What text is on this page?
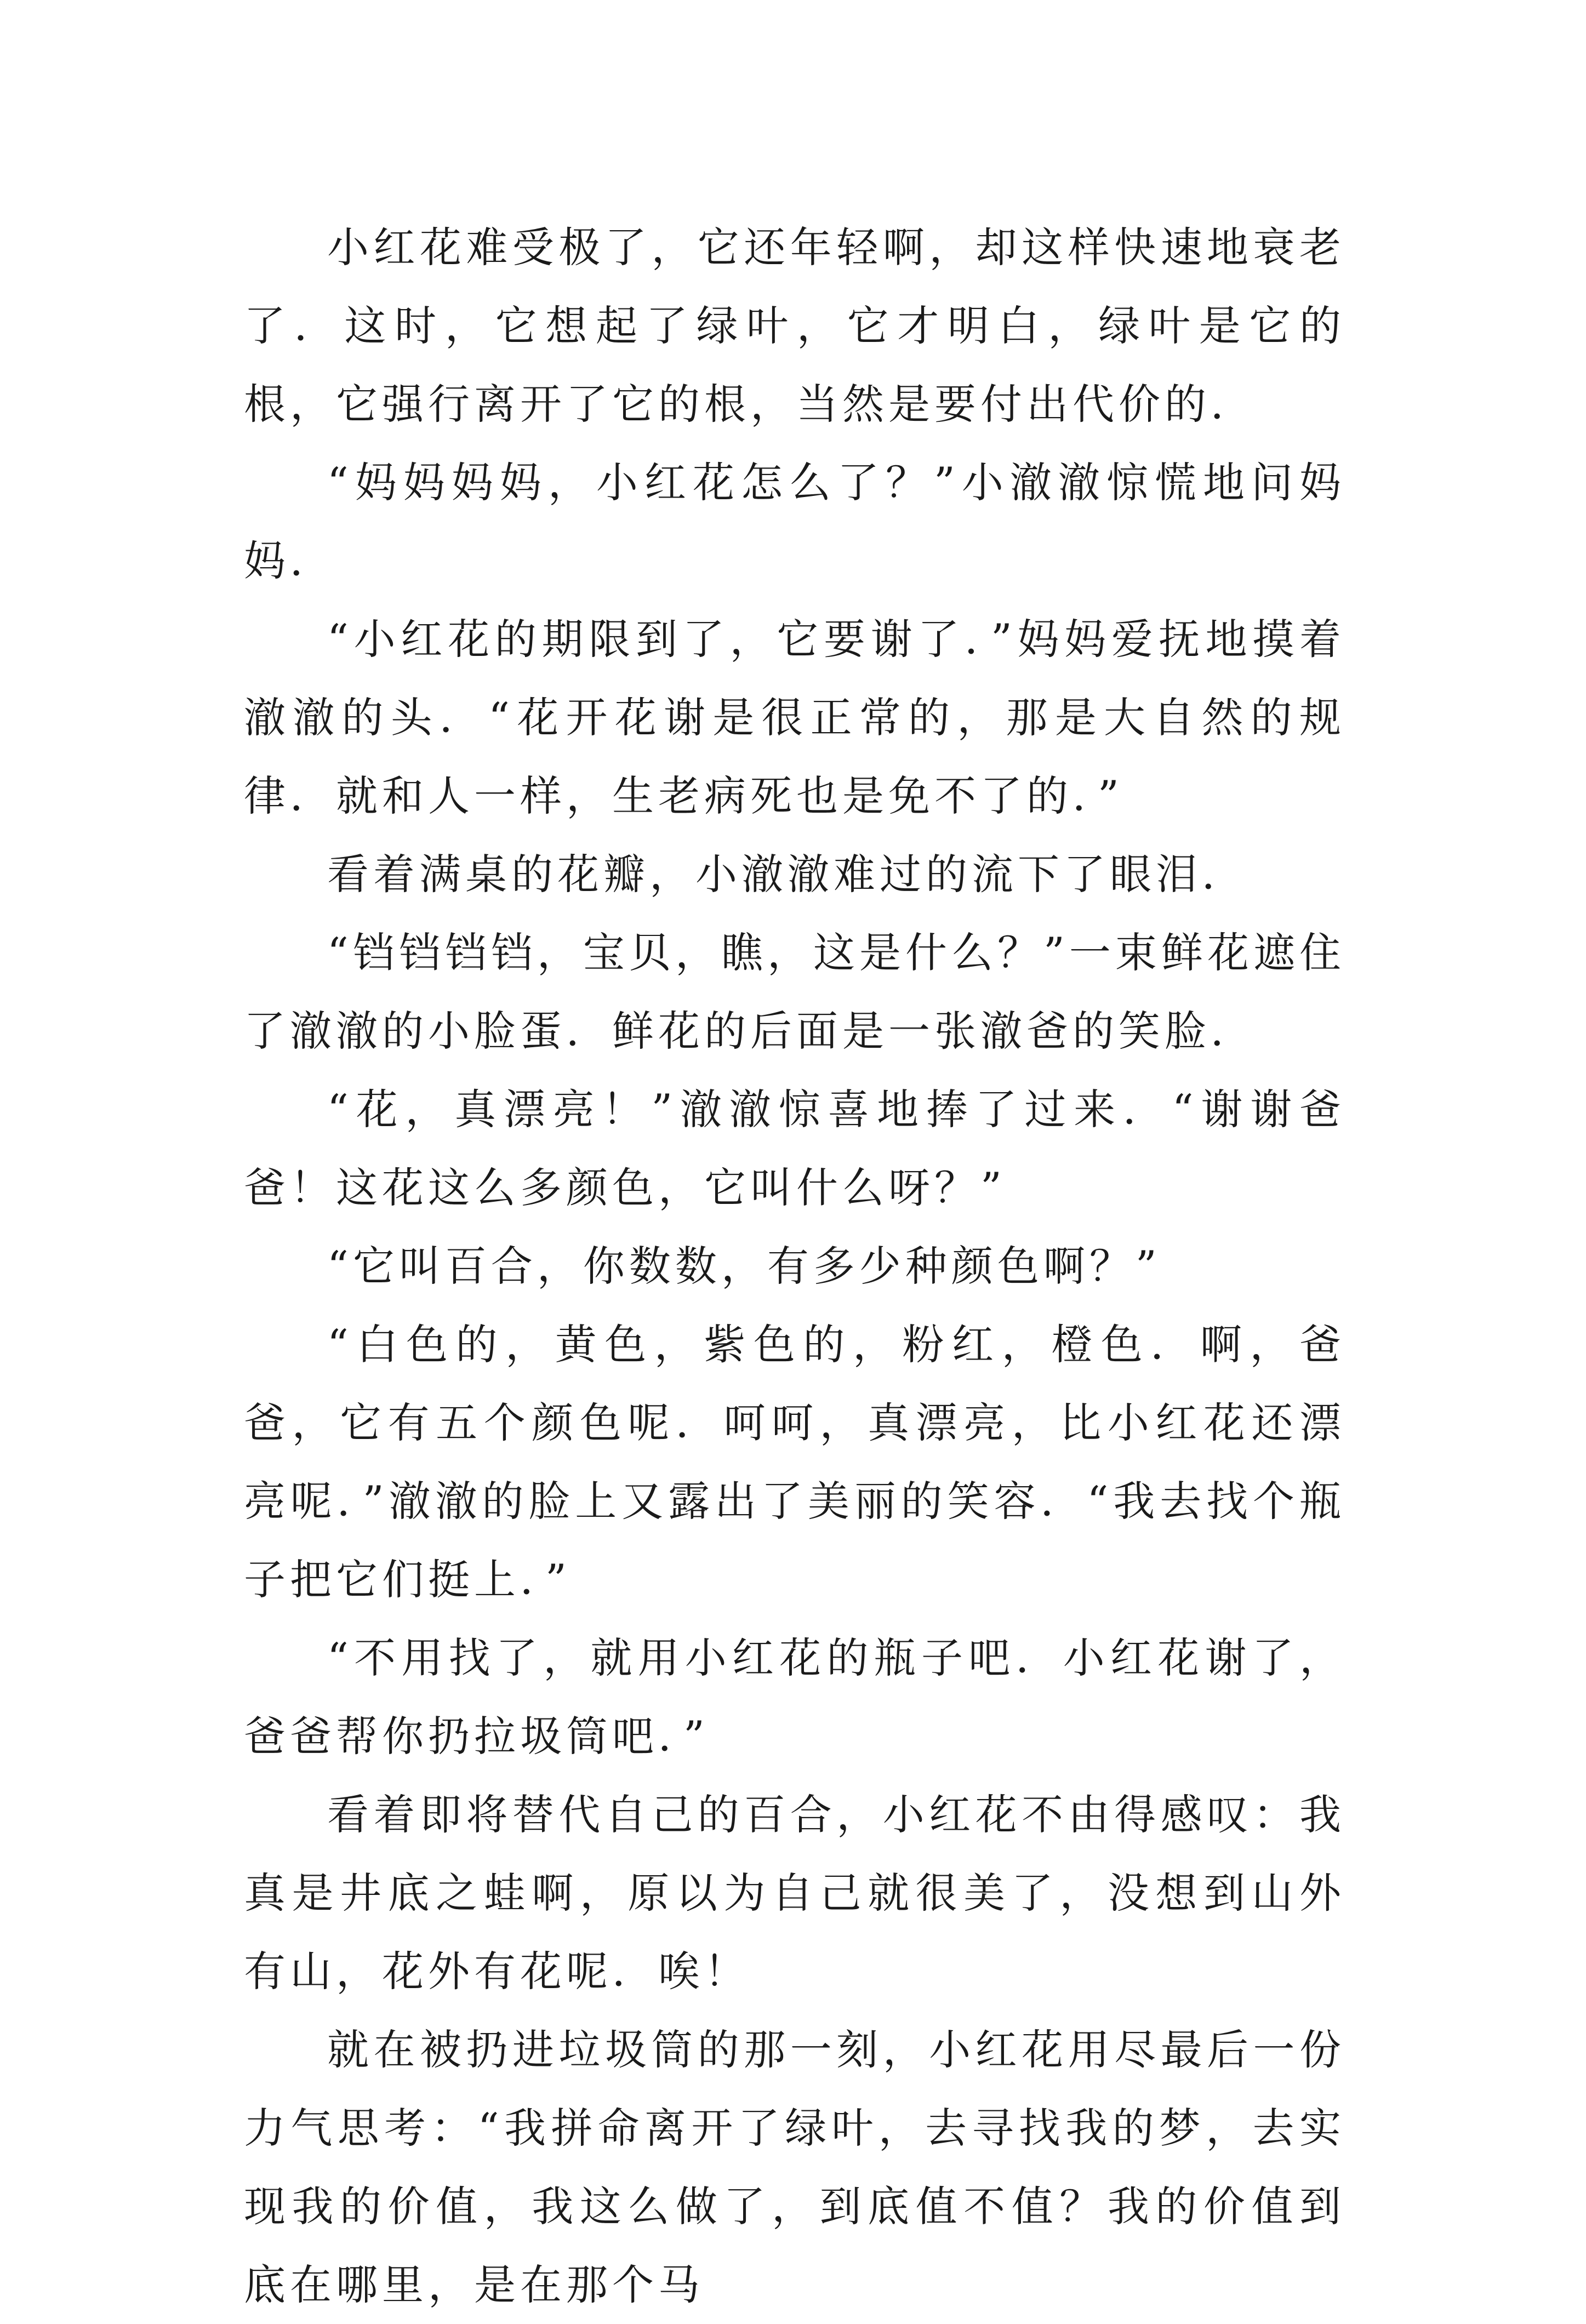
小红花难受极了，它还年轻啊，却这样快速地衰老了．这时，它想起了绿叶，它才明白，绿叶是它的根，它强行离开了它的根，当然是要付出代价的．

“妈妈妈妈，小红花怎么了？”小澈澈惊慌地问妈妈．

“小红花的期限到了，它要谢了．”妈妈爱抚地摸着澈澈的头．“花开花谢是很正常的，那是大自然的规律．就和人一样，生老病死也是免不了的．”

看着满桌的花瓣，小澈澈难过的流下了眼泪．

“铛铛铛铛，宝贝，瞧，这是什么？”一束鲜花遮住了澈澈的小脸蛋．鲜花的后面是一张澈爸的笑脸．

“花，真漂亮！”澈澈惊喜地捧了过来．“谢谢爸爸！这花这么多颜色，它叫什么呀？”

“它叫百合，你数数，有多少种颜色啊？”

“白色的，黄色，紫色的，粉红，橙色．啊，爸爸，它有五个颜色呢．呵呵，真漂亮，比小红花还漂亮呢．”澈澈的脸上又露出了美丽的笑容．“我去找个瓶子把它们挺上．”

“不用找了，就用小红花的瓶子吧．小红花谢了，爸爸帮你扔拉圾筒吧．”

看着即将替代自己的百合，小红花不由得感叹：我真是井底之蛙啊，原以为自己就很美了，没想到山外有山，花外有花呢．唉！

就在被扔进垃圾筒的那一刻，小红花用尽最后一份力气思考：“我拼命离开了绿叶，去寻找我的梦，去实现我的价值，我这么做了，到底值不值？我的价值到底在哪里，是在那个马
